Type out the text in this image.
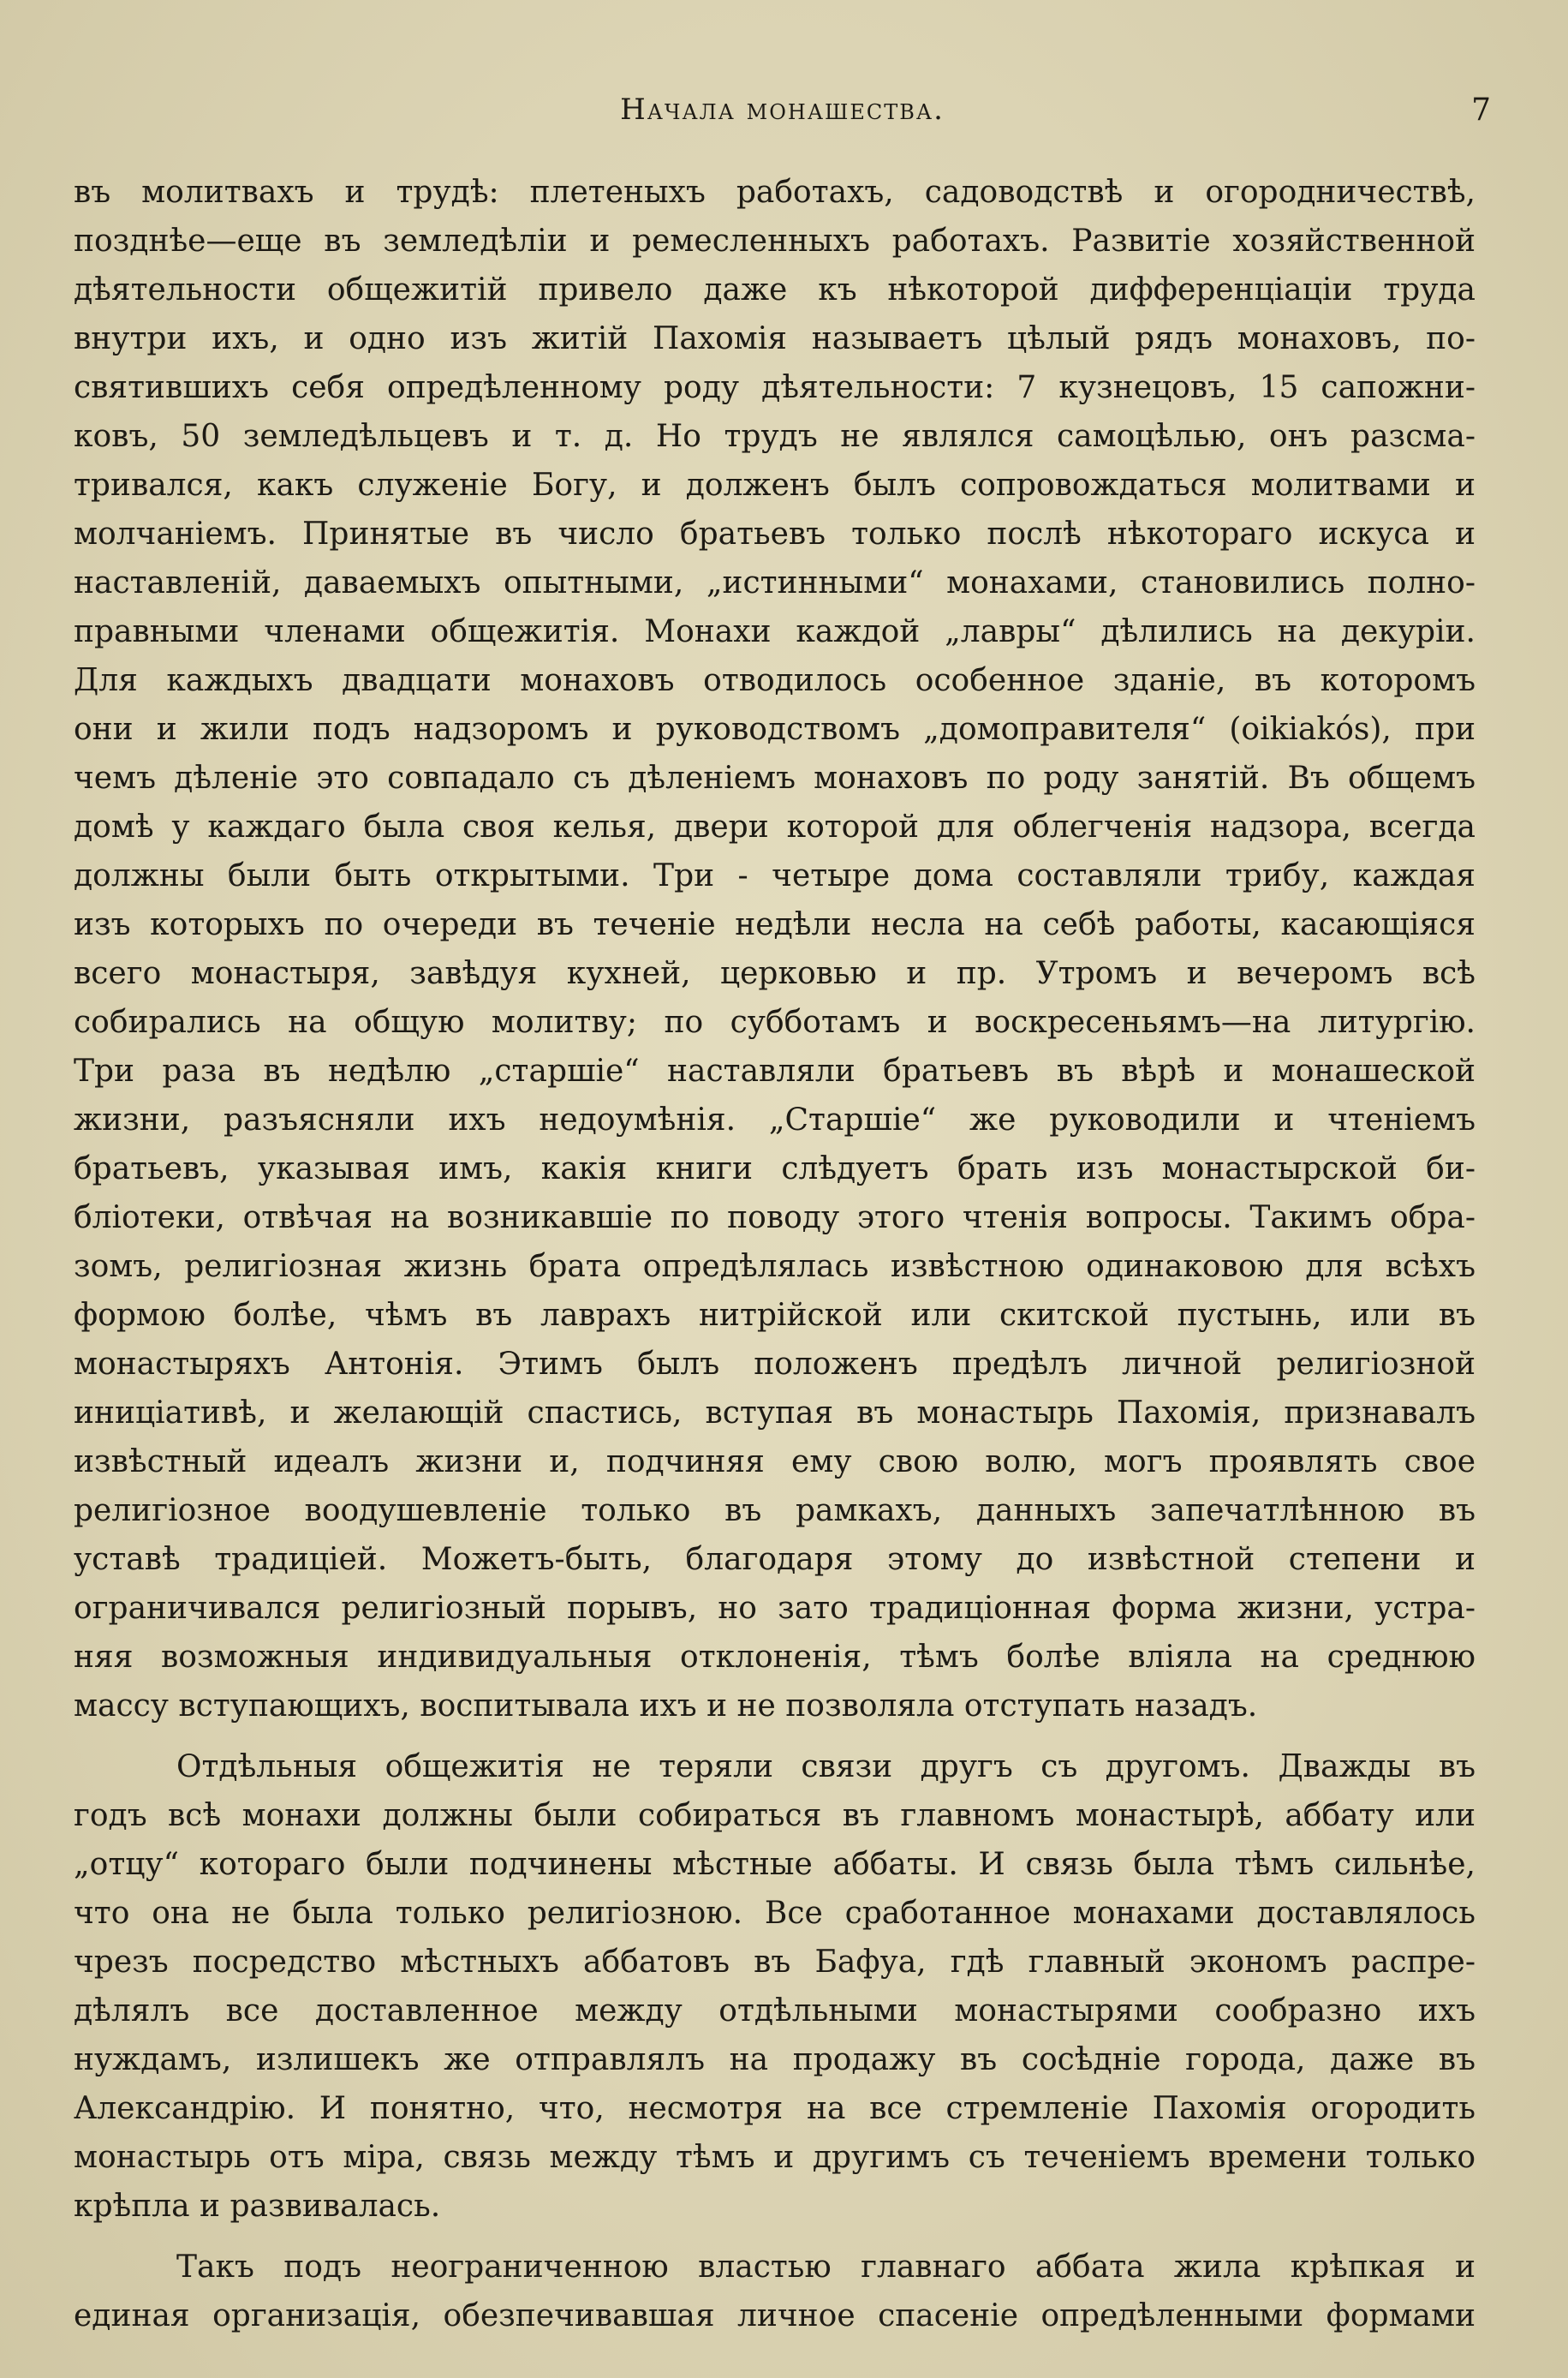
Начала монашества.	7
въ молитвахъ и трудѣ: плетеныхъ работахъ, садоводствѣ и огородничествѣ,
позднѣе—еще въ земледѣліи и ремесленныхъ работахъ. Развитіе хозяйственной
дѣятельности общежитій привело даже къ нѣкоторой дифференціаціи труда
внутри ихъ, и одно изъ житій Пахомія называетъ цѣлый рядъ монаховъ, по-
святившихъ себя опредѣленному роду дѣятельности: 7 кузнецовъ, 15 сапожни-
ковъ, 50 земледѣльцевъ и т. д. Но трудъ не являлся самоцѣлью, онъ разсма-
тривался, какъ служеніе Богу, и долженъ былъ сопровождаться молитвами и
молчаніемъ. Принятые въ число братьевъ только послѣ нѣкотораго искуса и
наставленій, даваемыхъ опытными, „истинными“ монахами, становились полно-
правными членами общежитія. Монахи каждой „лавры“ дѣлились на декуріи.
Для каждыхъ двадцати монаховъ отводилось особенное зданіе, въ которомъ
они и жили подъ надзоромъ и руководствомъ „домоправителя“ (oikiakós), при
чемъ дѣленіе это совпадало съ дѣленіемъ монаховъ по роду занятій. Въ общемъ
домѣ у каждаго была своя келья, двери которой для облегченія надзора, всегда
должны были быть открытыми. Три - четыре дома составляли трибу, каждая
изъ которыхъ по очереди въ теченіе недѣли несла на себѣ работы, касающіяся
всего монастыря, завѣдуя кухней, церковью и пр. Утромъ и вечеромъ всѣ
собирались на общую молитву; по субботамъ и воскресеньямъ—на литургію.
Три раза въ недѣлю „старшіе“ наставляли братьевъ въ вѣрѣ и монашеской
жизни, разъясняли ихъ недоумѣнія. „Старшіе“ же руководили и чтеніемъ
братьевъ, указывая имъ, какія книги слѣдуетъ брать изъ монастырской би-
бліотеки, отвѣчая на возникавшіе по поводу этого чтенія вопросы. Такимъ обра-
зомъ, религіозная жизнь брата опредѣлялась извѣстною одинаковою для всѣхъ
формою болѣе, чѣмъ въ лаврахъ нитрійской или скитской пустынь, или въ
монастыряхъ Антонія. Этимъ былъ положенъ предѣлъ личной религіозной
иниціативѣ, и желающій спастись, вступая въ монастырь Пахомія, признавалъ
извѣстный идеалъ жизни и, подчиняя ему свою волю, могъ проявлять свое
религіозное воодушевленіе только въ рамкахъ, данныхъ запечатлѣнною въ
уставѣ традиціей. Можетъ-быть, благодаря этому до извѣстной степени и
ограничивался религіозный порывъ, но зато традиціонная форма жизни, устра-
няя возможныя индивидуальныя отклоненія, тѣмъ болѣе вліяла на среднюю
массу вступающихъ, воспитывала ихъ и не позволяла отступать назадъ.
Отдѣльныя общежитія не теряли связи другъ съ другомъ. Дважды въ
годъ всѣ монахи должны были собираться въ главномъ монастырѣ, аббату или
„отцу“ котораго были подчинены мѣстные аббаты. И связь была тѣмъ сильнѣе,
что она не была только религіозною. Все сработанное монахами доставлялось
чрезъ посредство мѣстныхъ аббатовъ въ Бафуа, гдѣ главный экономъ распре-
дѣлялъ все доставленное между отдѣльными монастырями сообразно ихъ
нуждамъ, излишекъ же отправлялъ на продажу въ сосѣдніе города, даже въ
Александрію. И понятно, что, несмотря на все стремленіе Пахомія огородить
монастырь отъ міра, связь между тѣмъ и другимъ съ теченіемъ времени только
крѣпла и развивалась.
Такъ подъ неограниченною властью главнаго аббата жила крѣпкая и
единая организація, обезпечивавшая личное спасеніе опредѣленными формами
